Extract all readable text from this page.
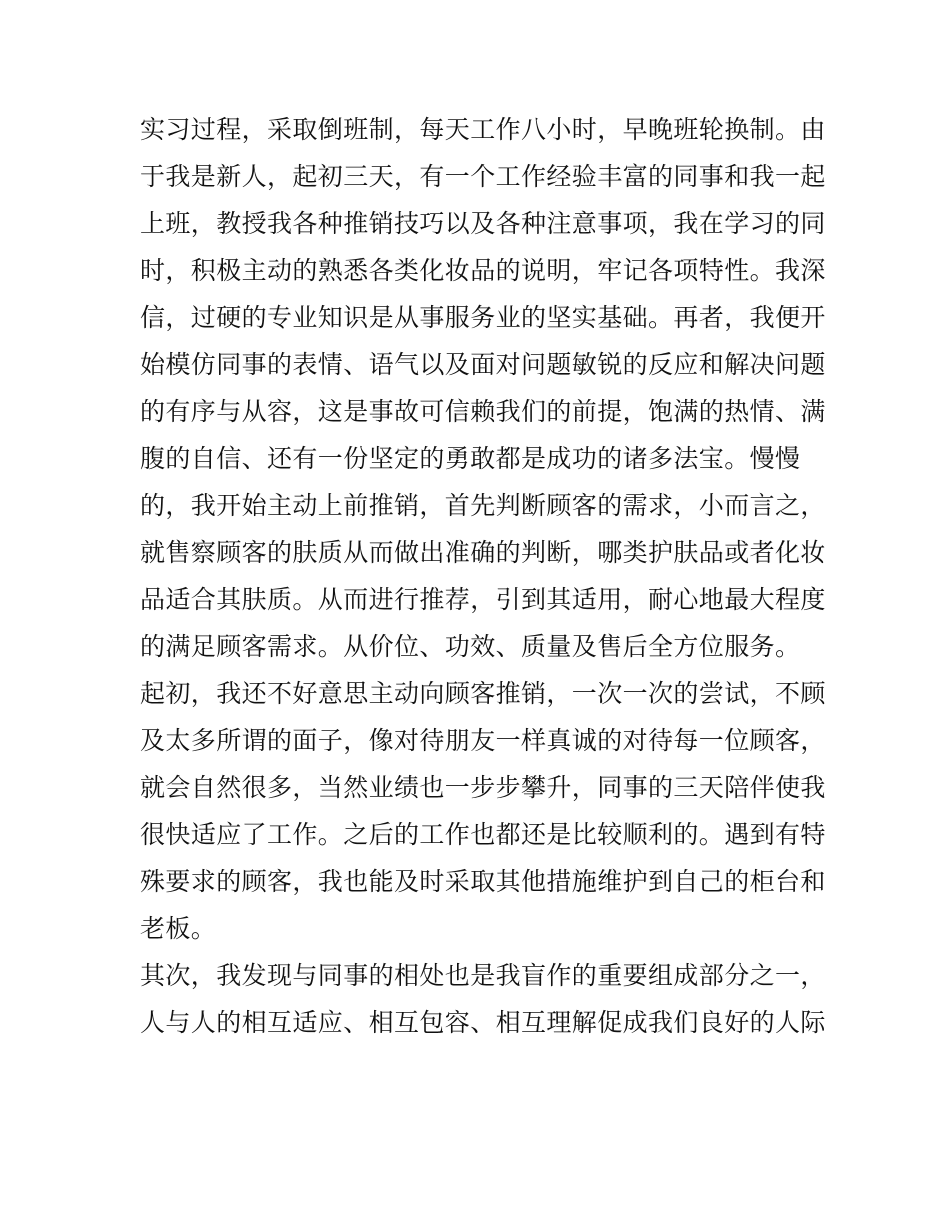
实习过程，采取倒班制，每天工作八小时，早晚班轮换制。由
于我是新人，起初三天，有一个工作经验丰富的同事和我一起
上班，教授我各种推销技巧以及各种注意事项，我在学习的同
时，积极主动的熟悉各类化妆品的说明，牢记各项特性。我深
信，过硬的专业知识是从事服务业的坚实基础。再者，我便开
始模仿同事的表情、语气以及面对问题敏锐的反应和解决问题
的有序与从容，这是事故可信赖我们的前提，饱满的热情、满
腹的自信、还有一份坚定的勇敢都是成功的诸多法宝。慢慢
的，我开始主动上前推销，首先判断顾客的需求，小而言之，
就售察顾客的肤质从而做出准确的判断，哪类护肤品或者化妆
品适合其肤质。从而进行推荐，引到其适用，耐心地最大程度
的满足顾客需求。从价位、功效、质量及售后全方位服务。
起初，我还不好意思主动向顾客推销，一次一次的尝试，不顾
及太多所谓的面子，像对待朋友一样真诚的对待每一位顾客，
就会自然很多，当然业绩也一步步攀升，同事的三天陪伴使我
很快适应了工作。之后的工作也都还是比较顺利的。遇到有特
殊要求的顾客，我也能及时采取其他措施维护到自己的柜台和
老板。
其次，我发现与同事的相处也是我盲作的重要组成部分之一，
人与人的相互适应、相互包容、相互理解促成我们良好的人际
